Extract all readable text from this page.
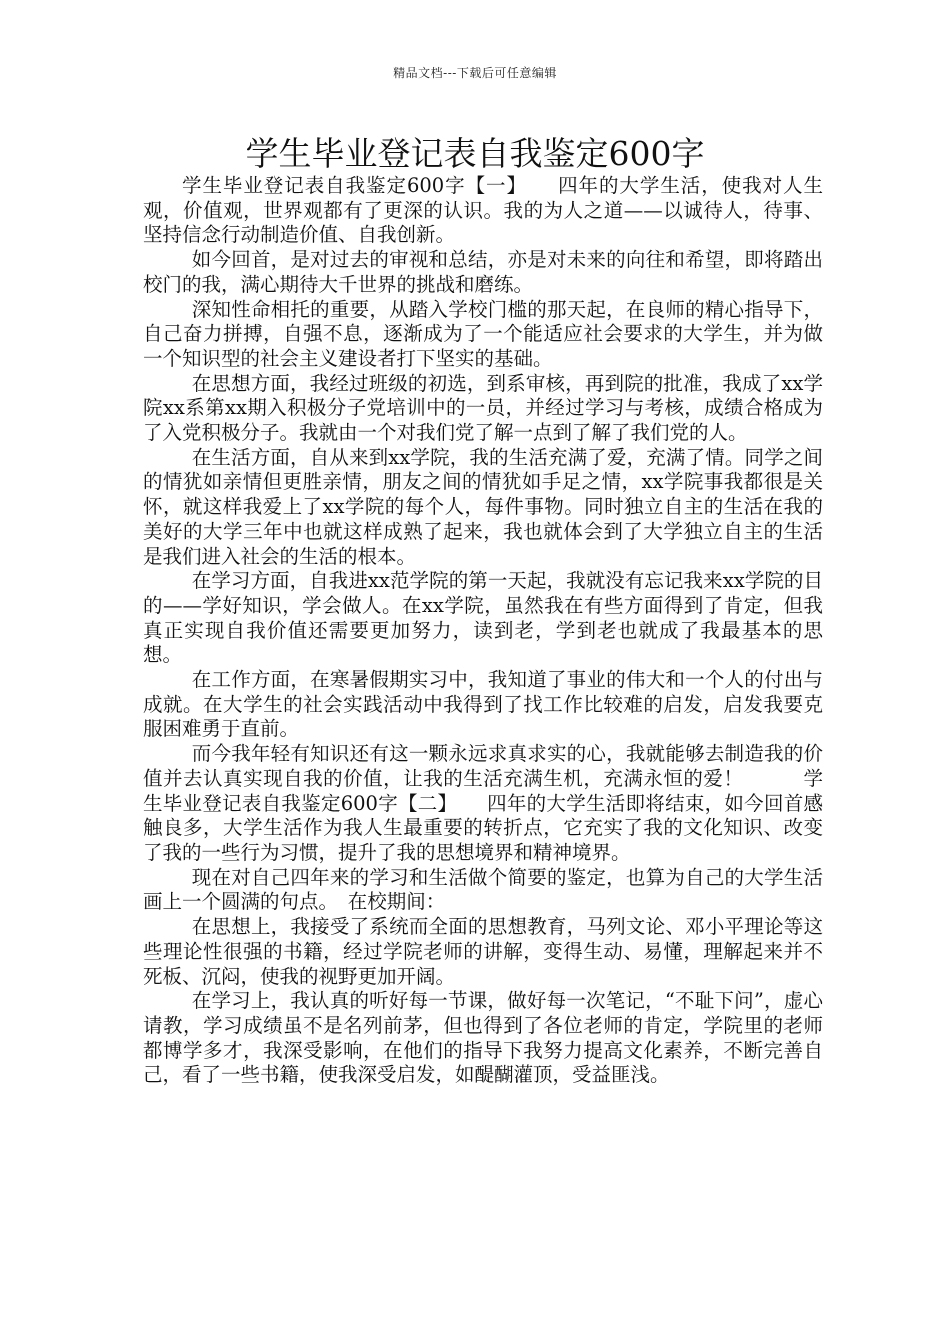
精品文档---下载后可任意编辑
学生毕业登记表自我鉴定600字

学生毕业登记表自我鉴定600字【一】　　四年的大学生活，使我对人生观，价值观，世界观都有了更深的认识。我的为人之道——以诚待人，待事、坚持信念行动制造价值、自我创新。

如今回首，是对过去的审视和总结，亦是对未来的向往和希望，即将踏出校门的我，满心期待大千世界的挑战和磨练。

深知性命相托的重要，从踏入学校门槛的那天起，在良师的精心指导下，自己奋力拼搏，自强不息，逐渐成为了一个能适应社会要求的大学生，并为做一个知识型的社会主义建设者打下坚实的基础。

在思想方面，我经过班级的初选，到系审核，再到院的批准，我成了xx学院xx系第xx期入积极分子党培训中的一员，并经过学习与考核，成绩合格成为了入党积极分子。我就由一个对我们党了解一点到了解了我们党的人。

在生活方面，自从来到xx学院，我的生活充满了爱，充满了情。同学之间的情犹如亲情但更胜亲情，朋友之间的情犹如手足之情，xx学院事我都很是关怀，就这样我爱上了xx学院的每个人，每件事物。同时独立自主的生活在我的美好的大学三年中也就这样成熟了起来，我也就体会到了大学独立自主的生活是我们进入社会的生活的根本。

在学习方面，自我进xx范学院的第一天起，我就没有忘记我来xx学院的目的——学好知识，学会做人。在xx学院，虽然我在有些方面得到了肯定，但我真正实现自我价值还需要更加努力，读到老，学到老也就成了我最基本的思想。

在工作方面，在寒暑假期实习中，我知道了事业的伟大和一个人的付出与成就。在大学生的社会实践活动中我得到了找工作比较难的启发，启发我要克服困难勇于直前。

而今我年轻有知识还有这一颗永远求真求实的心，我就能够去制造我的价值并去认真实现自我的价值，让我的生活充满生机，充满永恒的爱！　　　学生毕业登记表自我鉴定600字【二】　　四年的大学生活即将结束，如今回首感触良多，大学生活作为我人生最重要的转折点，它充实了我的文化知识、改变了我的一些行为习惯，提升了我的思想境界和精神境界。

现在对自己四年来的学习和生活做个简要的鉴定，也算为自己的大学生活画上一个圆满的句点。　在校期间：

在思想上，我接受了系统而全面的思想教育，马列文论、邓小平理论等这些理论性很强的书籍，经过学院老师的讲解，变得生动、易懂，理解起来并不死板、沉闷，使我的视野更加开阔。

在学习上，我认真的听好每一节课，做好每一次笔记，“不耻下问”，虚心请教，学习成绩虽不是名列前茅，但也得到了各位老师的肯定，学院里的老师都博学多才，我深受影响，在他们的指导下我努力提高文化素养，不断完善自己，看了一些书籍，使我深受启发，如醍醐灌顶，受益匪浅。
